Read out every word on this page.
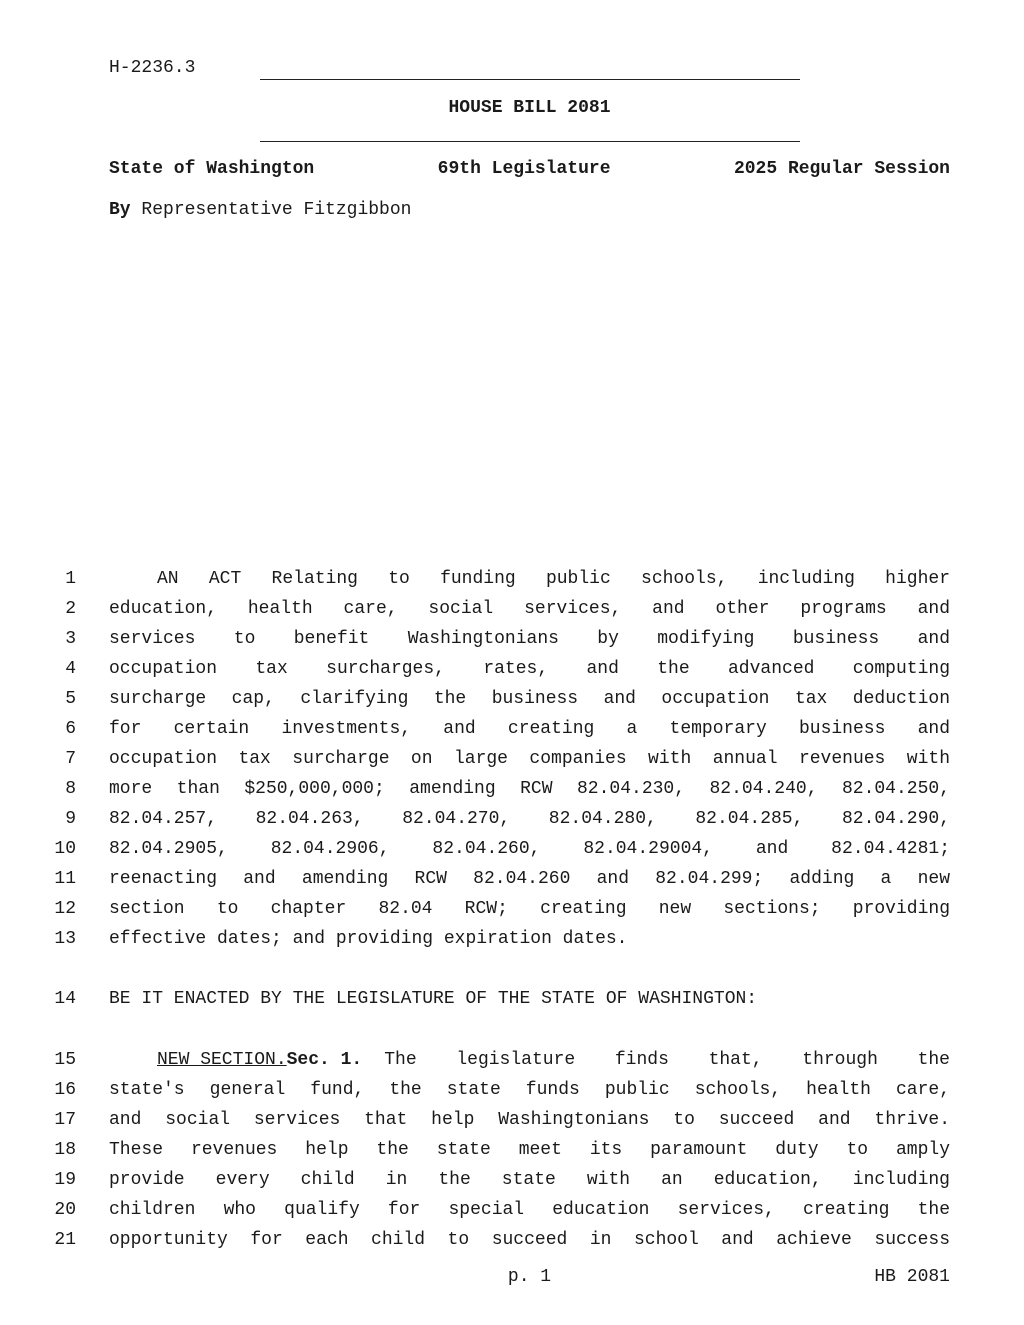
H-2236.3
HOUSE BILL 2081
State of Washington	69th Legislature	2025 Regular Session
By Representative Fitzgibbon
1	AN ACT Relating to funding public schools, including higher
2 education, health care, social services, and other programs and
3 services to benefit Washingtonians by modifying business and
4 occupation tax surcharges, rates, and the advanced computing
5 surcharge cap, clarifying the business and occupation tax deduction
6 for certain investments, and creating a temporary business and
7 occupation tax surcharge on large companies with annual revenues with
8 more than $250,000,000; amending RCW 82.04.230, 82.04.240, 82.04.250,
9 82.04.257, 82.04.263, 82.04.270, 82.04.280, 82.04.285, 82.04.290,
10 82.04.2905, 82.04.2906, 82.04.260, 82.04.29004, and 82.04.4281;
11 reenacting and amending RCW 82.04.260 and 82.04.299; adding a new
12 section to chapter 82.04 RCW; creating new sections; providing
13 effective dates; and providing expiration dates.
14 BE IT ENACTED BY THE LEGISLATURE OF THE STATE OF WASHINGTON:
15	NEW SECTION. Sec. 1. The legislature finds that, through the
16 state's general fund, the state funds public schools, health care,
17 and social services that help Washingtonians to succeed and thrive.
18 These revenues help the state meet its paramount duty to amply
19 provide every child in the state with an education, including
20 children who qualify for special education services, creating the
21 opportunity for each child to succeed in school and achieve success
p. 1	HB 2081
